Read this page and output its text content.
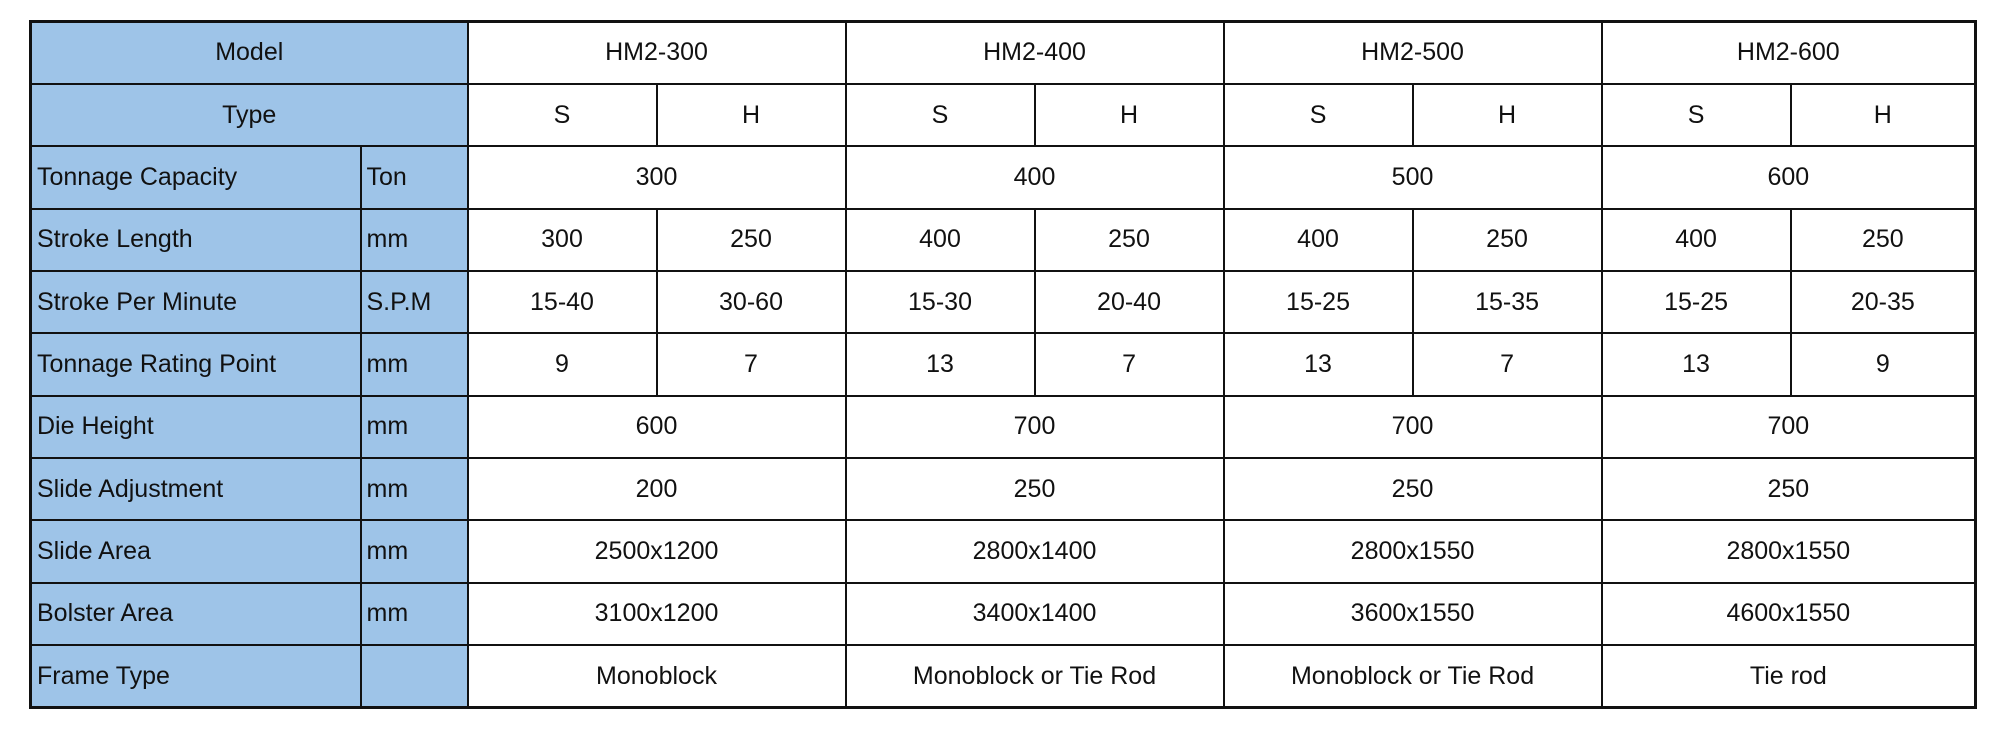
Model		HM2-300		HM2-400		HM2-500		HM2-600	
Type		S	H	S	H	S	H	S	H
Tonnage Capacity	Ton	300		400		500		600	
Stroke Length	mm	300	250	400	250	400	250	400	250
Stroke Per Minute	S.P.M	15-40	30-60	15-30	20-40	15-25	15-35	15-25	20-35
Tonnage Rating Point	mm	9	7	13	7	13	7	13	9
Die Height	mm	600		700		700		700	
Slide Adjustment	mm	200		250		250		250	
Slide Area	mm	2500x1200		2800x1400		2800x1550		2800x1550	
Bolster Area	mm	3100x1200		3400x1400		3600x1550		4600x1550	
Frame Type		Monoblock		Monoblock or Tie Rod		Monoblock or Tie Rod		Tie rod	
